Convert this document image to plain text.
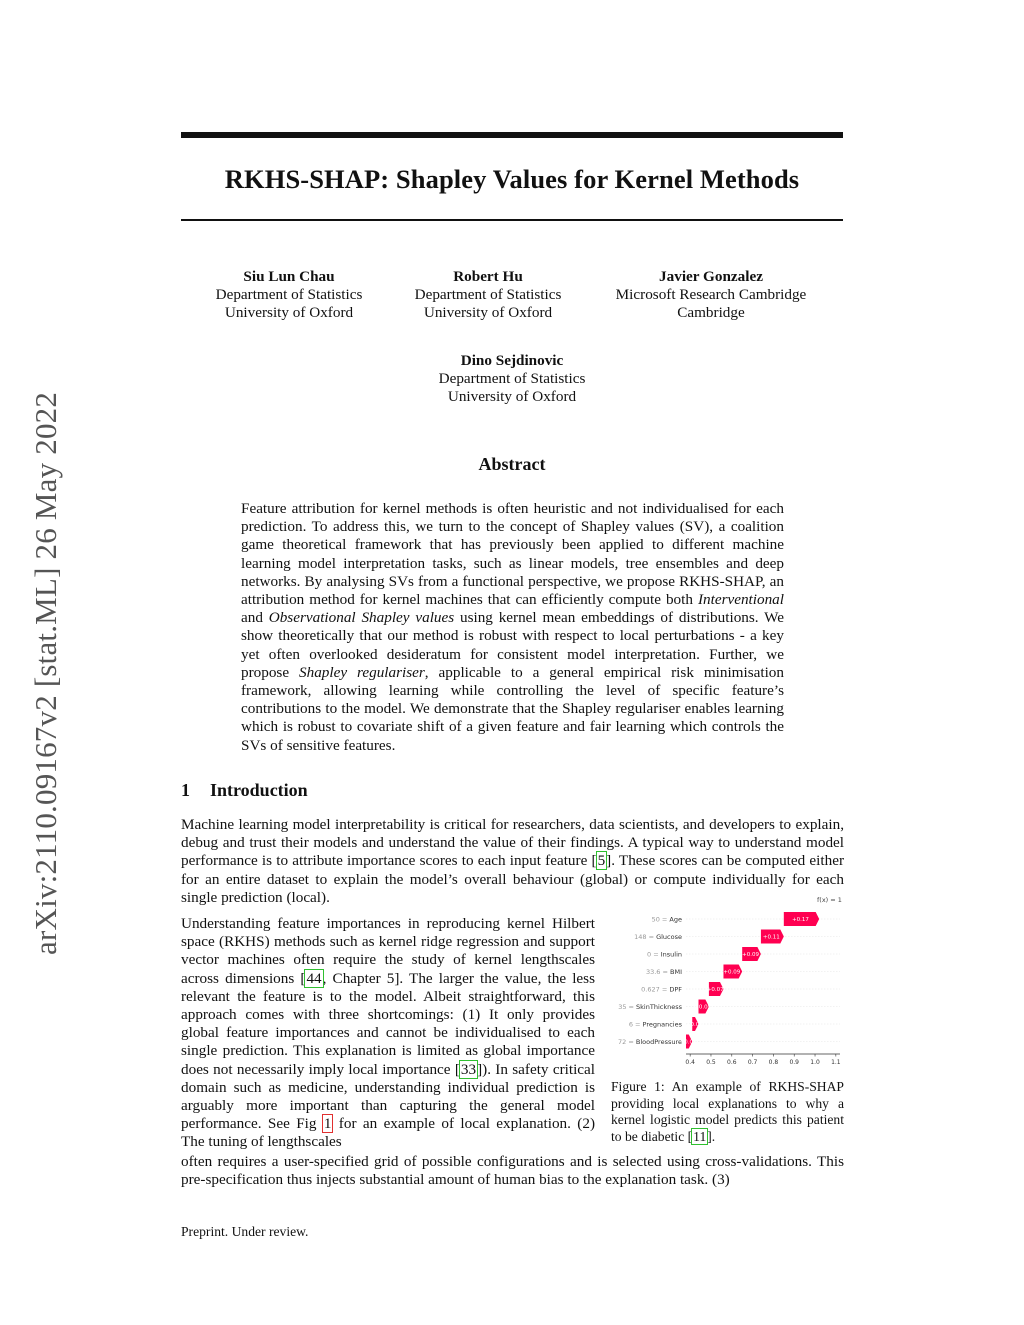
arXiv:2110.09167v2 [stat.ML] 26 May 2022
RKHS-SHAP: Shapley Values for Kernel Methods
Siu Lun Chau
Department of Statistics
University of Oxford
Robert Hu
Department of Statistics
University of Oxford
Javier Gonzalez
Microsoft Research Cambridge
Cambridge
Dino Sejdinovic
Department of Statistics
University of Oxford
Abstract
Feature attribution for kernel methods is often heuristic and not individualised for each prediction. To address this, we turn to the concept of Shapley values (SV), a coalition game theoretical framework that has previously been applied to different machine learning model interpretation tasks, such as linear models, tree ensembles and deep networks. By analysing SVs from a functional perspective, we propose RKHS-SHAP, an attribution method for kernel machines that can efficiently compute both Interventional and Observational Shapley values using kernel mean embeddings of distributions. We show theoretically that our method is robust with respect to local perturbations - a key yet often overlooked desideratum for consistent model interpretation. Further, we propose Shapley regulariser, applicable to a general empirical risk minimisation framework, allowing learning while controlling the level of specific feature’s contributions to the model. We demonstrate that the Shapley regulariser enables learning which is robust to covariate shift of a given feature and fair learning which controls the SVs of sensitive features.
1 Introduction
Machine learning model interpretability is critical for researchers, data scientists, and developers to explain, debug and trust their models and understand the value of their findings. A typical way to understand model performance is to attribute importance scores to each input feature [5]. These scores can be computed either for an entire dataset to explain the model’s overall behaviour (global) or compute individually for each single prediction (local).
Understanding feature importances in reproducing kernel Hilbert space (RKHS) methods such as kernel ridge regression and support vector machines often require the study of kernel lengthscales across dimensions [44, Chapter 5]. The larger the value, the less relevant the feature is to the model. Albeit straightforward, this approach comes with three shortcomings: (1) It only provides global feature importances and cannot be individualised to each single prediction. This explanation is limited as global importance does not necessarily imply local importance [33]). In safety critical domain such as medicine, understanding individual prediction is arguably more important than capturing the general model performance. See Fig 1 for an example of local explanation. (2) The tuning of lengthscales
often requires a user-specified grid of possible configurations and is selected using cross-validations. This pre-specification thus injects substantial amount of human bias to the explanation task. (3)
f(x) = 1
50 = Age	+0.17
148 = Glucose	+0.11
0 = Insulin	+0.09
33.6 = BMI	+0.09
0.627 = DPF	+0.07
35 = SkinThickness +0.05
6 = Pregnancies +0.03
72 = BloodPressure
+0.03
0.4 0.5 0.6 0.7 0.8 0.9 1.0 1.1
Figure 1: An example of RKHS-SHAP providing local explanations to why a kernel logistic model predicts this patient to be diabetic [11].
Preprint. Under review.
